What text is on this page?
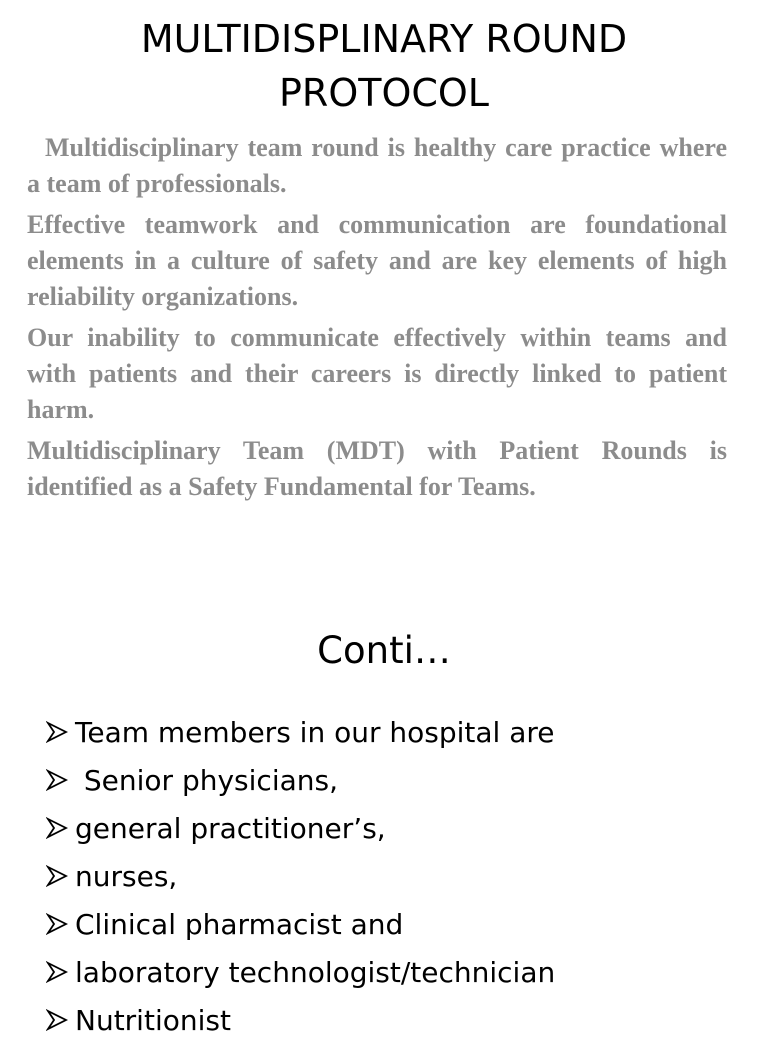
MULTIDISPLINARY ROUND PROTOCOL

Multidisciplinary team round is healthy care practice where a team of professionals.

Effective teamwork and communication are foundational elements in a culture of safety and are key elements of high reliability organizations.

Our inability to communicate effectively within teams and with patients and their careers is directly linked to patient harm.

Multidisciplinary Team (MDT) with Patient Rounds is identified as a Safety Fundamental for Teams.

Conti…
Team members in our hospital are
Senior physicians,
general practitioner’s,
nurses,
Clinical pharmacist and
laboratory technologist/technician
Nutritionist
